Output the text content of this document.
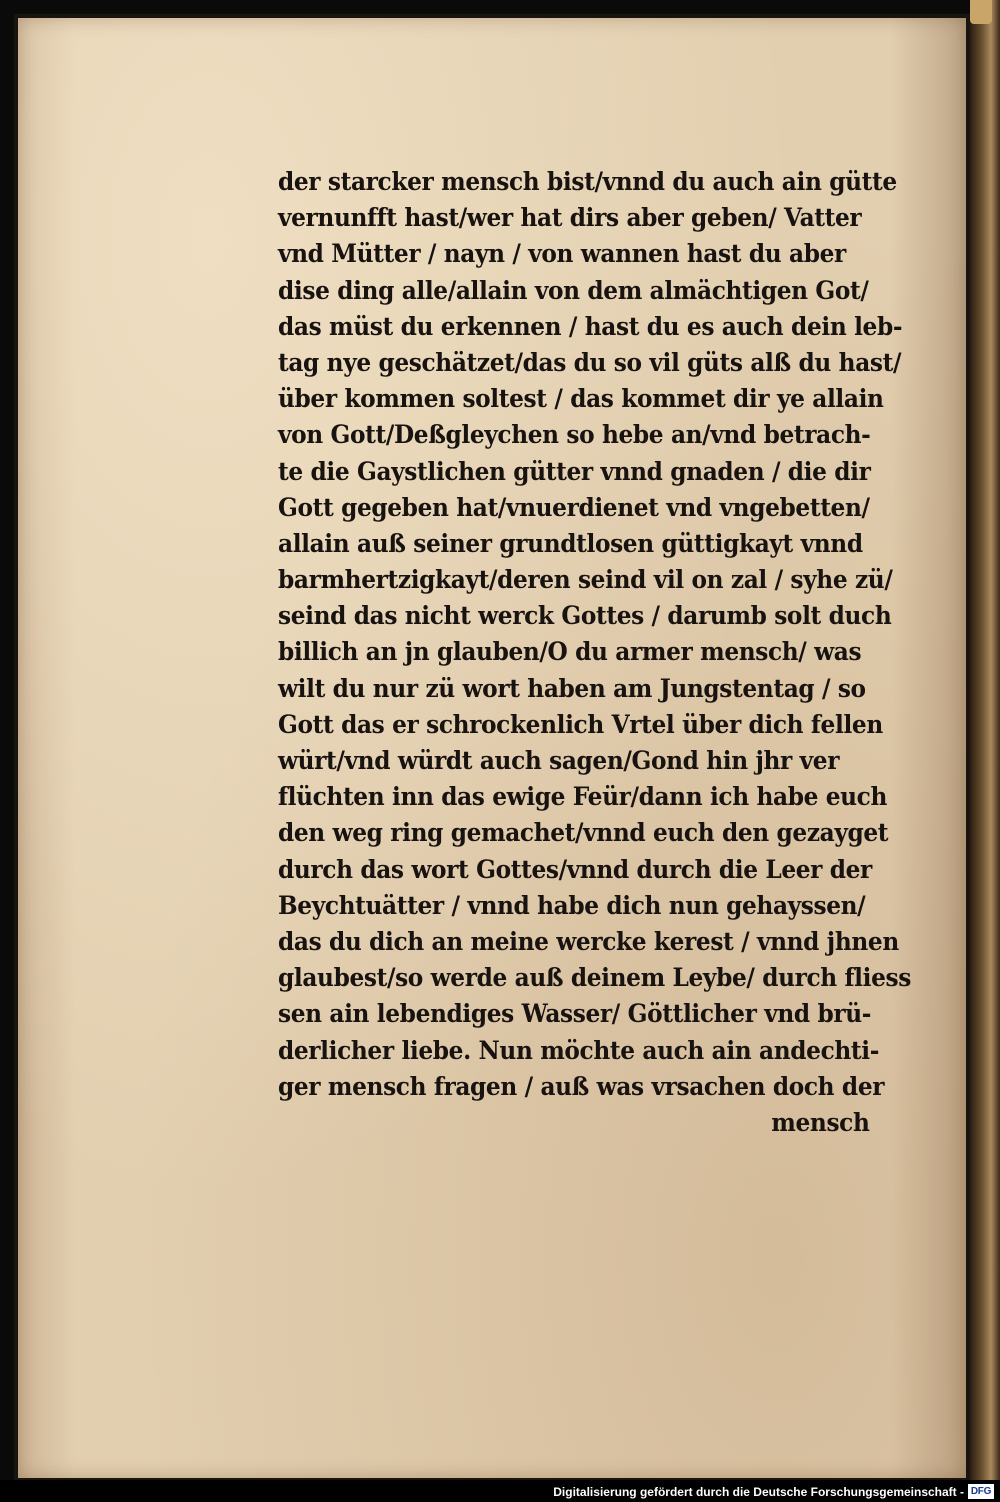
der starcker mensch bist/vnnd du auch ain gütte
vernunfft hast/wer hat dirs aber geben/ Vatter
vnd Mütter / nayn / von wannen hast du aber
dise ding alle/allain von dem almächtigen Got/
das müst du erkennen / hast du es auch dein leb-
tag nye geschätzet/das du so vil güts alß du hast/
über kommen soltest / das kommet dir ye allain
von Gott/Deßgleychen so hebe an/vnd betrach-
te die Gaystlichen gütter vnnd gnaden / die dir
Gott gegeben hat/vnuerdienet vnd vngebetten/
allain auß seiner grundtlosen güttigkayt vnnd
barmhertzigkayt/deren seind vil on zal / syhe zü/
seind das nicht werck Gottes / darumb solt duch
billich an jn glauben/O du armer mensch/ was
wilt du nur zü wort haben am Jungstentag / so
Gott das er schrockenlich Vrtel über dich fellen
würt/vnd würdt auch sagen/Gond hin jhr ver
flüchten inn das ewige Feür/dann ich habe euch
den weg ring gemachet/vnnd euch den gezayget
durch das wort Gottes/vnnd durch die Leer der
Beychtuätter / vnnd habe dich nun gehayssen/
das du dich an meine wercke kerest / vnnd jhnen
glaubest/so werde auß deinem Leybe/ durch fliess
sen ain lebendiges Wasser/ Göttlicher vnd brü-
derlicher liebe. Nun möchte auch ain andechti-
ger mensch fragen / auß was vrsachen doch der
mensch
Digitalisierung gefördert durch die Deutsche Forschungsgemeinschaft - DFG
